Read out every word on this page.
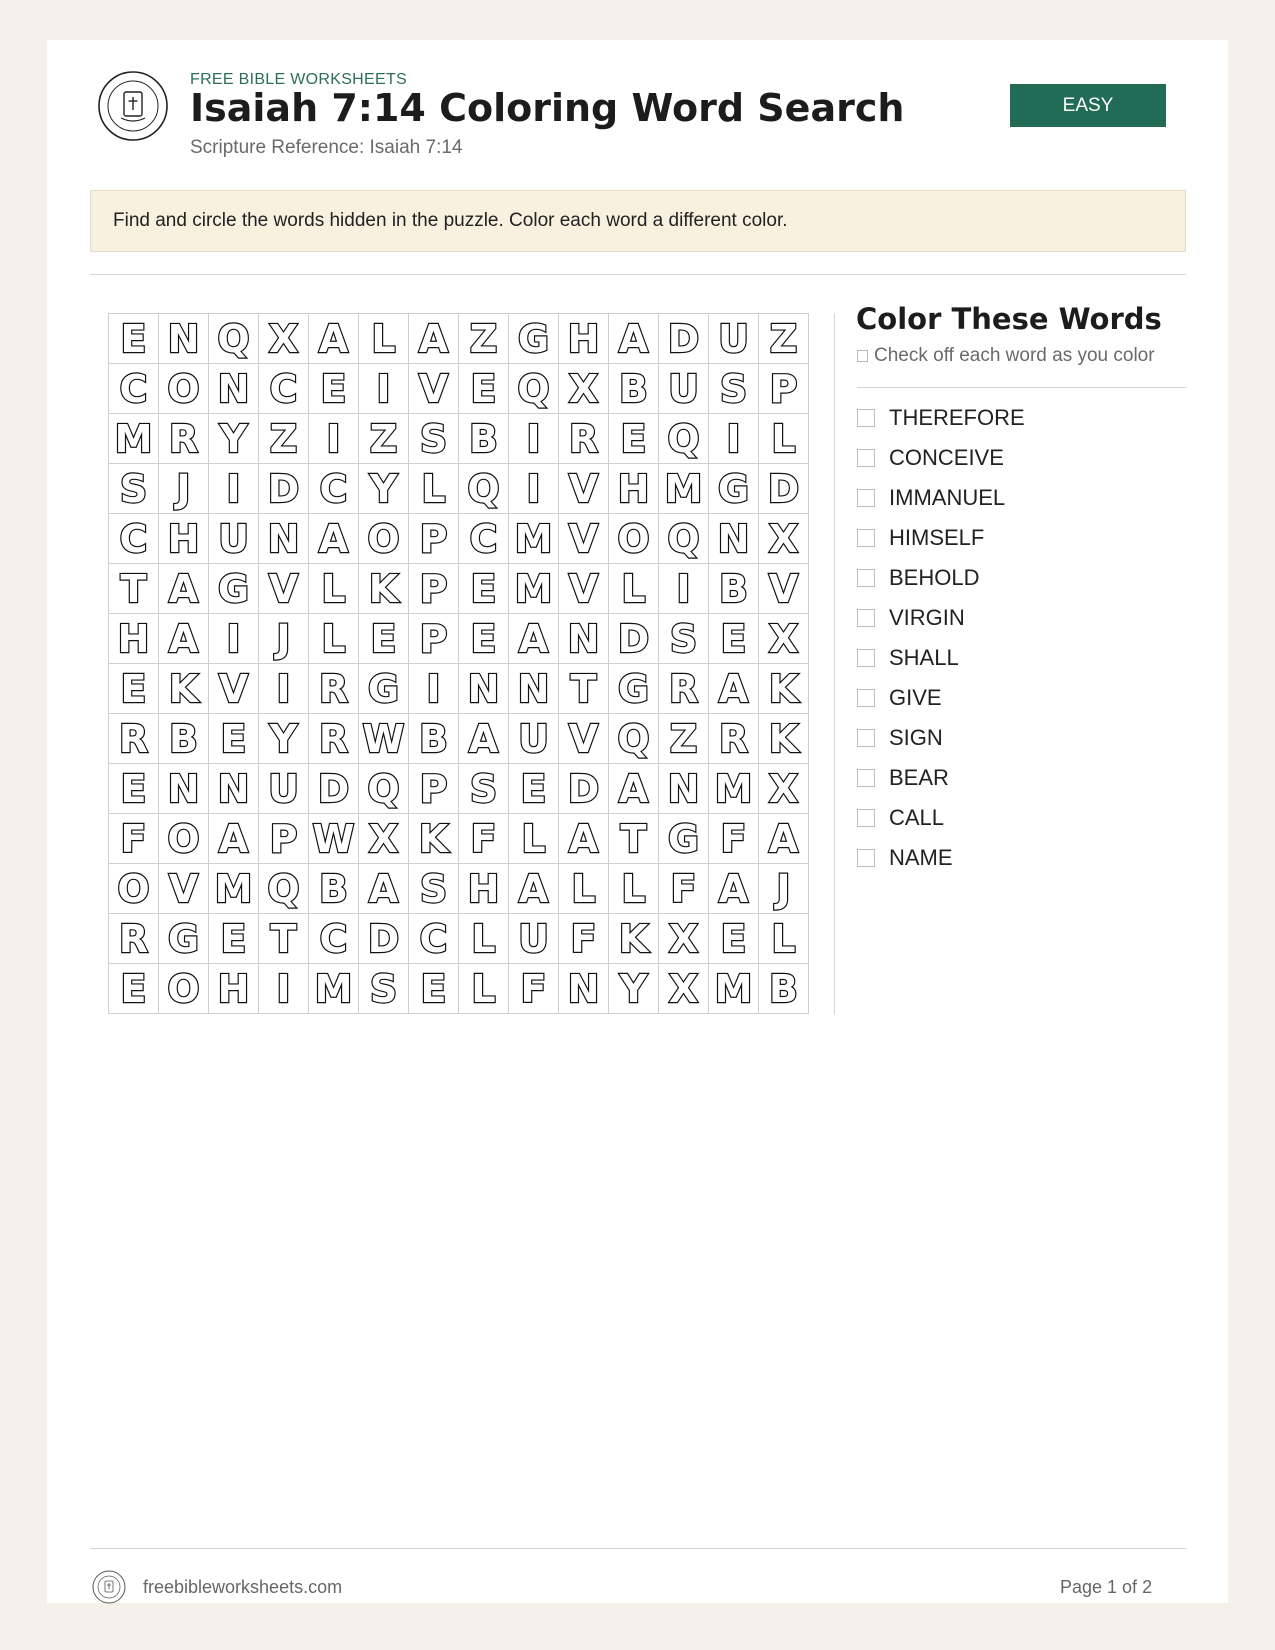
FREE BIBLE WORKSHEETS
Isaiah 7:14 Coloring Word Search
Scripture Reference: Isaiah 7:14
EASY
Find and circle the words hidden in the puzzle. Color each word a different color.
E N Q X A L A Z G H A D U Z
C O N C E I V E Q X B U S P
M R Y Z I Z S B I R E Q I L
S J I D C Y L Q I V H M G D
C H U N A O P C M V O Q N X
T A G V L K P E M V L I B V
H A I J L E P E A N D S E X
E K V I R G I N N T G R A K
R B E Y R W B A U V Q Z R K
E N N U D Q P S E D A N M X
F O A P W X K F L A T G F A
O V M Q B A S H A L L F A J
R G E T C D C L U F K X E L
E O H I M S E L F N Y X M B
Color These Words
Check off each word as you color
THEREFORE
CONCEIVE
IMMANUEL
HIMSELF
BEHOLD
VIRGIN
SHALL
GIVE
SIGN
BEAR
CALL
NAME
freebibleworksheets.com	Page 1 of 2
